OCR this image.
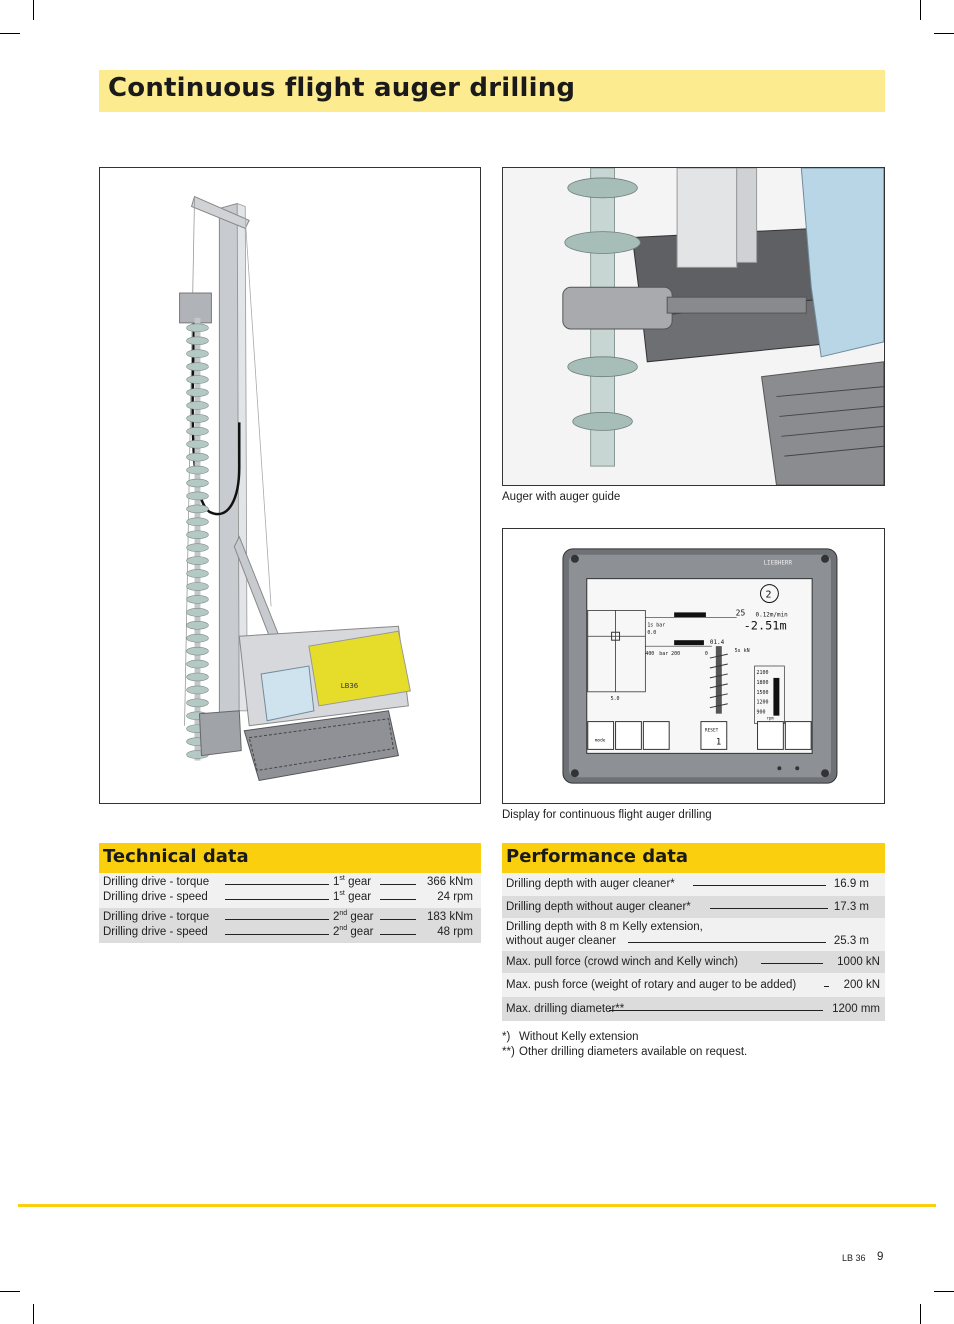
Continuous flight auger drilling
LB36
Auger with auger guide
LIEBHERR
1s bar
0.0
400 bar 200	0
25 0.12m/min
-2.51m
5s kN
01.4
2
2100
1800
1500
1200
900
rpm
5.0
mode
RESET
1
Display for continuous flight auger drilling
Technical data
Drilling drive - torque	1st gear	366 kNm
Drilling drive - speed	1st gear	24 rpm
Drilling drive - torque	2nd gear	183 kNm
Drilling drive - speed	2nd gear	48 rpm
Performance data
Drilling depth with auger cleaner*	16.9 m
Drilling depth without auger cleaner*	17.3 m
Drilling depth with 8 m Kelly extension,
without auger cleaner	25.3 m
Max. pull force (crowd winch and Kelly winch)	1000 kN
Max. push force (weight of rotary and auger to be added)	200 kN
Max. drilling diameter**	1200 mm
*) Without Kelly extension
**) Other drilling diameters available on request.
LB 36 9
